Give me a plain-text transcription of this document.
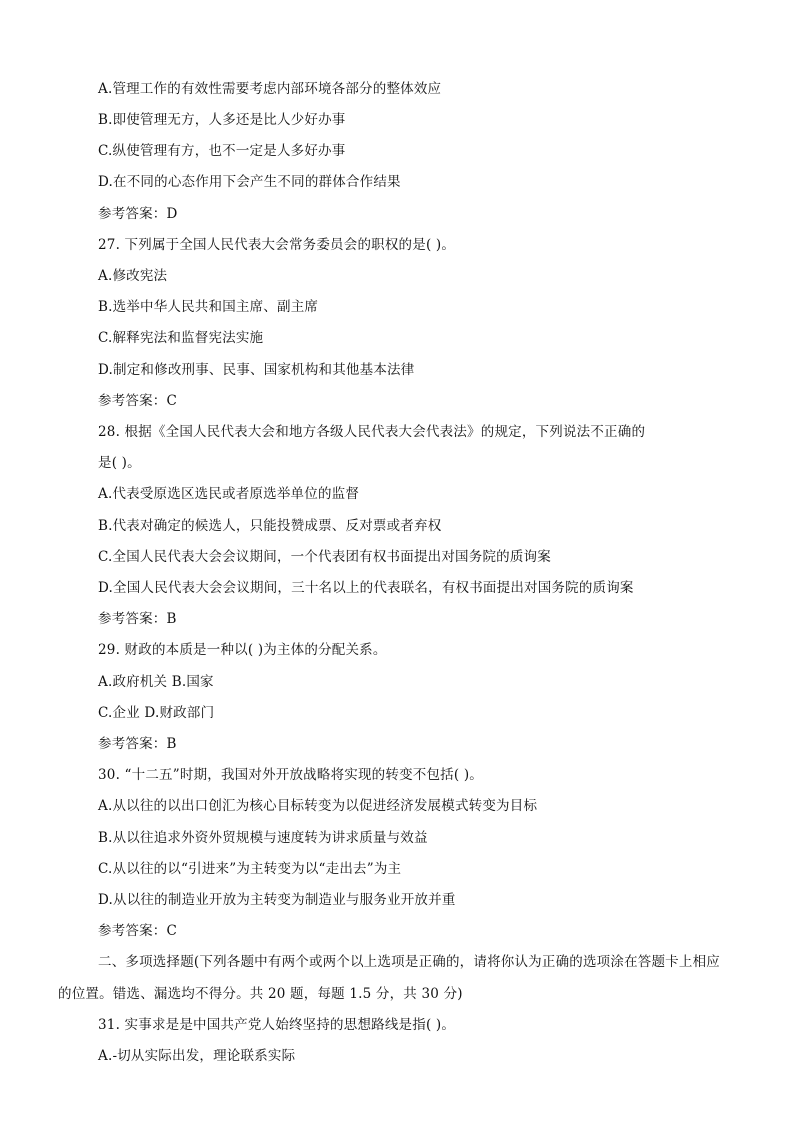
A.管理工作的有效性需要考虑内部环境各部分的整体效应
B.即使管理无方，人多还是比人少好办事
C.纵使管理有方，也不一定是人多好办事
D.在不同的心态作用下会产生不同的群体合作结果
参考答案：D
27. 下列属于全国人民代表大会常务委员会的职权的是( )。
A.修改宪法
B.选举中华人民共和国主席、副主席
C.解释宪法和监督宪法实施
D.制定和修改刑事、民事、国家机构和其他基本法律
参考答案：C
28. 根据《全国人民代表大会和地方各级人民代表大会代表法》的规定，下列说法不正确的
是( )。
A.代表受原选区选民或者原选举单位的监督
B.代表对确定的候选人，只能投赞成票、反对票或者弃权
C.全国人民代表大会会议期间，一个代表团有权书面提出对国务院的质询案
D.全国人民代表大会会议期间，三十名以上的代表联名，有权书面提出对国务院的质询案
参考答案：B
29. 财政的本质是一种以( )为主体的分配关系。
A.政府机关 B.国家
C.企业 D.财政部门
参考答案：B
30. “十二五”时期，我国对外开放战略将实现的转变不包括( )。
A.从以往的以出口创汇为核心目标转变为以促进经济发展模式转变为目标
B.从以往追求外资外贸规模与速度转为讲求质量与效益
C.从以往的以“引进来”为主转变为以“走出去”为主
D.从以往的制造业开放为主转变为制造业与服务业开放并重
参考答案：C
二、多项选择题(下列各题中有两个或两个以上选项是正确的，请将你认为正确的选项涂在答题卡上相应
的位置。错选、漏选均不得分。共 20 题，每题 1.5 分，共 30 分)
31. 实事求是是中国共产党人始终坚持的思想路线是指( )。
A.-切从实际出发，理论联系实际
